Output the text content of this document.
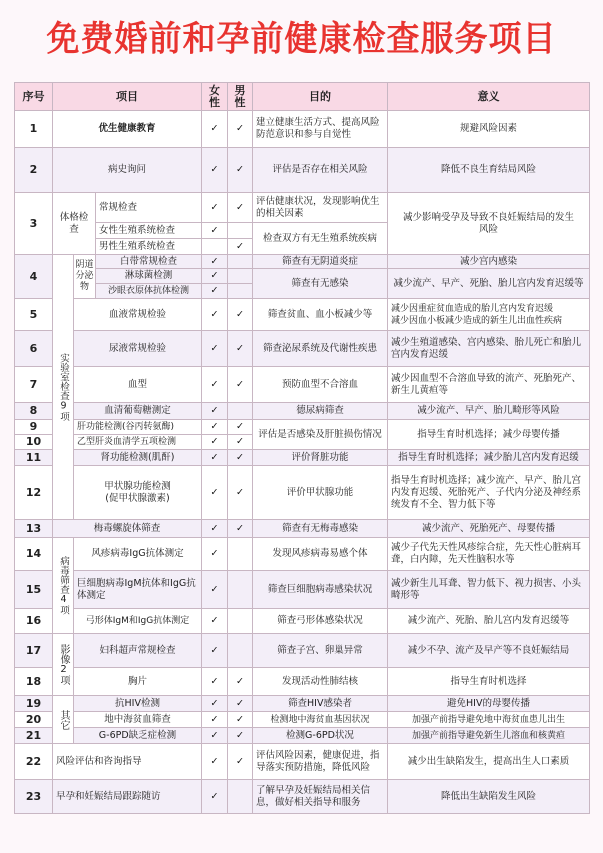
免费婚前和孕前健康检查服务项目
序号	项目			女性	男性	目的	意义
1	优生健康教育			✓	✓	建立健康生活方式、提高风险防范意识和参与自觉性	规避风险因素
2	病史询问			✓	✓	评估是否存在相关风险	降低不良生育结局风险
3	体格检查		常规检查	✓	✓	评估健康状况，发现影响优生的相关因素	减少影响受孕及导致不良妊娠结局的发生风险
			女性生殖系统检查	✓		检查双方有无生殖系统疾病	
			男性生殖系统检查		✓		
4	实验室检查9项	阴道分泌物	白带常规检查	✓		筛查有无阴道炎症	减少宫内感染
			淋球菌检测	✓		筛查有无感染	减少流产、早产、死胎、胎儿宫内发育迟缓等
			沙眼衣原体抗体检测	✓			
5		血液常规检验		✓	✓	筛查贫血、血小板减少等	减少因重症贫血造成的胎儿宫内发育迟缓
减少因血小板减少造成的新生儿出血性疾病
6		尿液常规检验		✓	✓	筛查泌尿系统及代谢性疾患	减少生殖道感染、宫内感染、胎儿死亡和胎儿宫内发育迟缓
7		血型		✓	✓	预防血型不合溶血	减少因血型不合溶血导致的流产、死胎死产、新生儿黄疸等
8		血清葡萄糖测定		✓		德尿病筛查	减少流产、早产、胎儿畸形等风险
9		肝功能检测(谷丙转氨酶)		✓	✓	评估是否感染及肝脏损伤情况	指导生育时机选择；减少母婴传播
10		乙型肝炎血清学五项检测		✓	✓		
11		肾功能检测(肌酐)		✓	✓	评价肾脏功能	指导生育时机选择；减少胎儿宫内发育迟缓
12		甲状腺功能检测
(促甲状腺激素)		✓	✓	评价甲状腺功能	指导生育时机选择；减少流产、早产、胎儿宫内发育迟缓、死胎死产、子代内分泌及神经系统发育不全、智力低下等
13	梅毒螺旋体筛查			✓	✓	筛查有无梅毒感染	减少流产、死胎死产、母婴传播
14	病毒筛查4项	风疹病毒IgG抗体测定		✓		发现风疹病毒易感个体	减少子代先天性风疹综合症，先天性心脏病耳聋，白内障，先天性脑积水等
15		巨细胞病毒IgM抗体和IgG抗体测定		✓		筛查巨细胞病毒感染状况	减少新生儿耳聋、智力低下、视力损害、小头畸形等
16		弓形体IgM和IgG抗体测定		✓		筛查弓形体感染状况	减少流产、死胎、胎儿宫内发育迟缓等
17	影像2项	妇科超声常规检查		✓		筛查子宫、卵巢异常	减少不孕、流产及早产等不良妊娠结局
18		胸片		✓	✓	发现活动性肺结核	指导生育时机选择
19	其它	抗HIV检测		✓	✓	筛查HIV感染者	避免HIV的母婴传播
20		地中海贫血筛查		✓	✓	检测地中海贫血基因状况	加强产前指导避免地中海贫血患儿出生
21		G-6PD缺乏症检测		✓	✓	检测G-6PD状况	加强产前指导避免新生儿溶血和核黄疸
22	风险评估和咨询指导			✓	✓	评估风险因素，健康促进，指导落实预防措施，降低风险	减少出生缺陷发生，提高出生人口素质
23	早孕和妊娠结局跟踪随访			✓		了解早孕及妊娠结局相关信息，做好相关指导和服务	降低出生缺陷发生风险
